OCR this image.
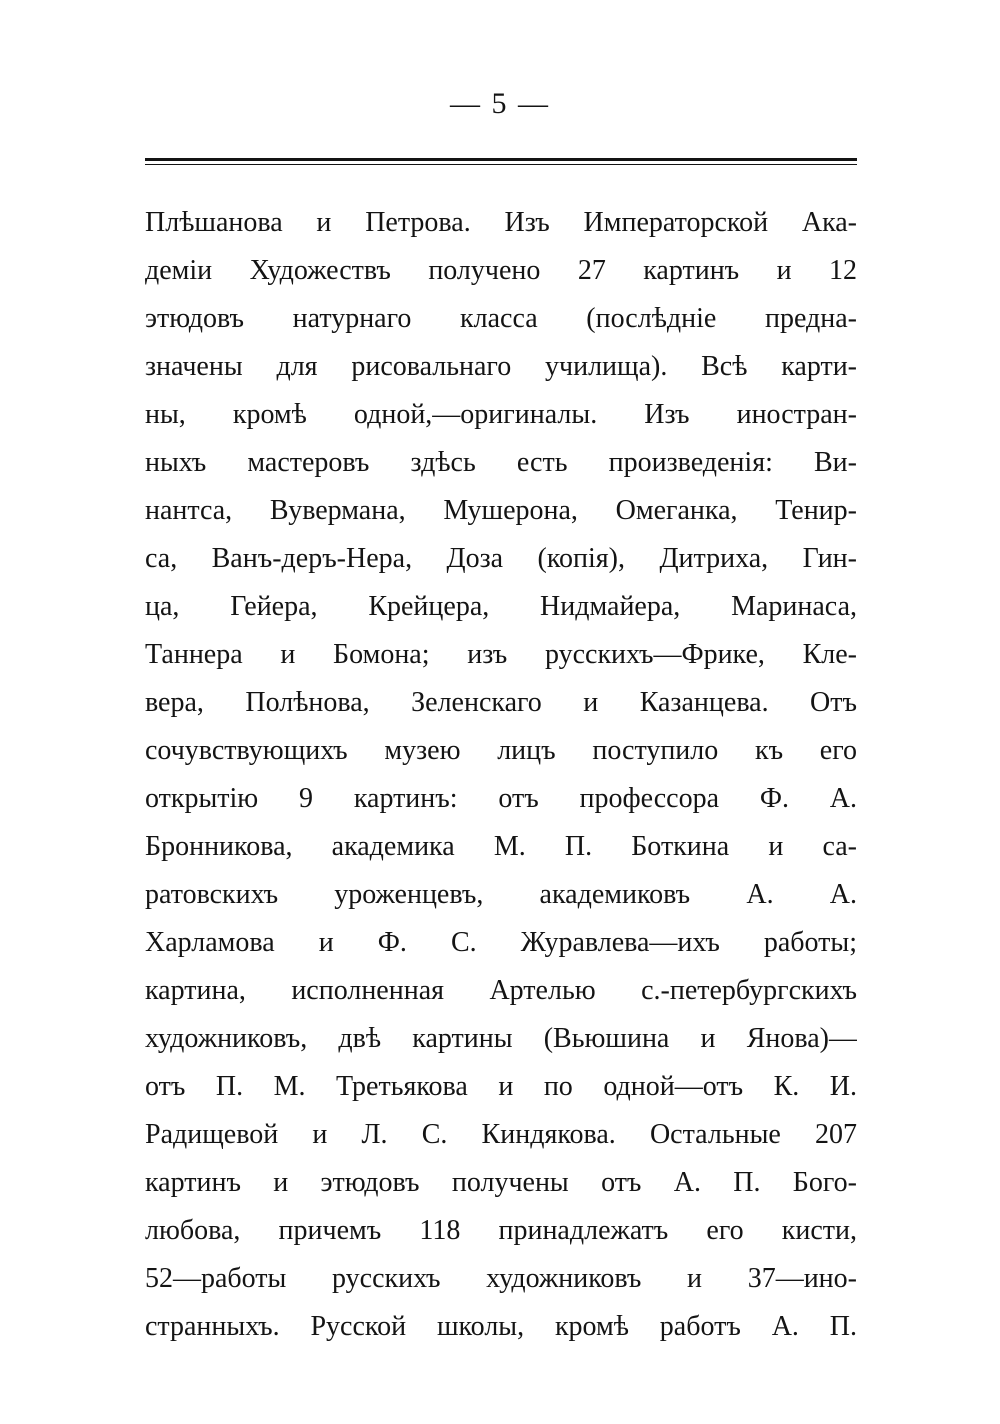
— 5 —
Плѣшанова и Петрова. Изъ Императорской Ака-
деміи Художествъ получено 27 картинъ и 12
этюдовъ натурнаго класса (послѣдніе предна-
значены для рисовальнаго училища). Всѣ карти-
ны, кромѣ одной,—оригиналы. Изъ иностран-
ныхъ мастеровъ здѣсь есть произведенія: Ви-
нантса, Вувермана, Мушерона, Омеганка, Тенир-
са, Ванъ-деръ-Нера, Доза (копія), Дитриха, Гин-
ца, Гейера, Крейцера, Нидмайера, Маринаса,
Таннера и Бомона; изъ русскихъ—Фрике, Кле-
вера, Полѣнова, Зеленскаго и Казанцева. Отъ
сочувствующихъ музею лицъ поступило къ его
открытію 9 картинъ: отъ профессора Ф. А.
Бронникова, академика М. П. Боткина и са-
ратовскихъ уроженцевъ, академиковъ А. А.
Харламова и Ф. С. Журавлева—ихъ работы;
картина, исполненная Артелью с.-петербургскихъ
художниковъ, двѣ картины (Вьюшина и Янова)—
отъ П. М. Третьякова и по одной—отъ К. И.
Радищевой и Л. С. Киндякова. Остальные 207
картинъ и этюдовъ получены отъ А. П. Бого-
любова, причемъ 118 принадлежатъ его кисти,
52—работы русскихъ художниковъ и 37—ино-
странныхъ. Русской школы, кромѣ работъ А. П.
